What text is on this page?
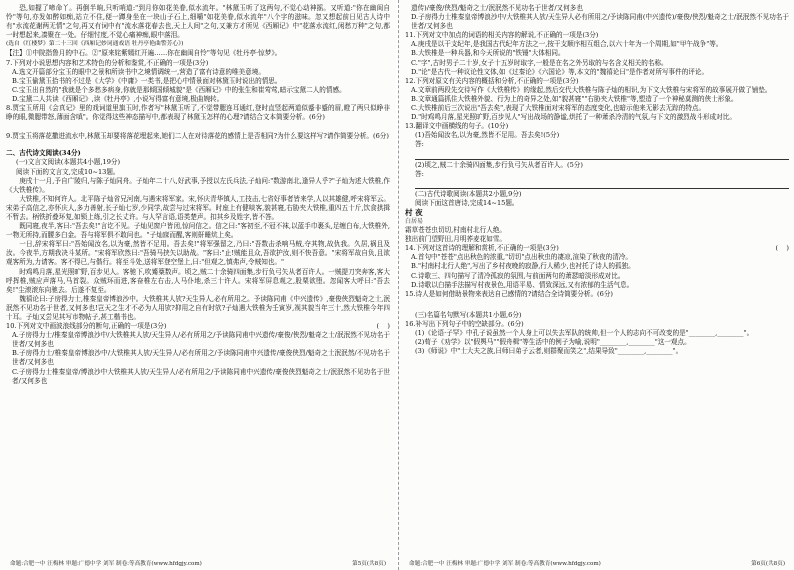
恐,如握了啼命丫。再倒半晌,只听哨道:"到月你如花美眷,似水流年。"林黛玉听了这两句,不觉心动神摇。又听道:"你在幽闺自怜"等句,亦发如醉如痴,站立不住,便一蹲身坐在一块山子石上,细嚼"如花美眷,似水流年"八个字的滋味。忽又想起前日见古人诗中有"水流花谢两无情"之句,再又有词中有"流水落花春去也,天上人间"之句,又兼方才所见《西厢记》中"花落水流红,闲愁万种"之句,都一时想起来,凑聚在一处。仔细忖度,不觉心痛神痴,眼中落泪。

(选自《红楼梦》第二十三回《西厢记妙词通戏语 牡丹亭艳曲警芳心》)

【注】①中院指鲁月的中石。②"原来姹紫嫣红开遍……你在幽闺自怜"等句见《牡丹亭·惊梦》。

7.下列对小说思想内容和艺术特色的分析和鉴赏,不正确的一项是(3分)

A.选文开篇部分宝玉的眼中之景和所读书中之境情调统一,营造了富有诗意的唯美意境。

B.宝玉偷黛玉拾书的不过是《大学》《中庸》一类书,是把心中情景面对林黛玉时说出的情思。

C.宝玉出自然的"我就是个多愁多病身,你就是那倾国倾城貌"是《西厢记》中的张生和崔莺莺,暗示宝黛二人的情感。

D.宝黛二人共读《西厢记》,读《牡丹亭》,小说写得富有意境,极曲婉转。

8.贾宝玉所用《会真记》里的戏词道里旗玉时,作者写"林黛玉听了,不觉带腮连耳通红,登时直竖起两道似蹙非蹙的眉,瞪了两只似睁非睁的眼,微腮带怒,薄面含嗔"。你觉得这些神态描写中,都表现了林黛玉怎样的心理?请结合文本简要分析。(6分)

9.贾宝玉将落花撒进流水中,林黛玉却要将落花埋起来,她们二人在对待落花的感情上是否相同?为什么要这样写?请作简要分析。(6分)

二、古代诗文阅读(34分)

(一)文言文阅读(本题共4小题,19分)

阅读下面的文言文,完成10~13题。

庚戌十一月,予自广陵归,与陈子灿同舟。子灿年二十八,好武事,予授以左氏兵法,子灿问:"数游南北,逢异人乎?"子灿为述大铁椎,作《大铁椎传》。

大铁椎,不知何许人。北平陈子灿省兄河南,与遇宋将军家。宋,怀庆青华镇人,工技击,七省好事者皆来学,人以其雄健,呼宋将军云。宋弟子高信之,亦怀庆人,多力善射,长子灿七岁,少同学,故尝与过宋将军。时座上有健啖客,貌甚寝,右胁夹大铁椎,重四五十斤,饮食拱揖不暂去。柄铁折叠环复,如锁上练,引之长丈许。与人罕言语,语类楚声。扣其乡及姓字,皆不答。

既同寝,夜半,客曰:"吾去矣!"言讫不见。子灿见窗户皆闭,惊问信之。信之曰:"客初至,不冠不袜,以蓝手巾裹头,足缠白布,大铁椎外,一物无所持,而腰多白金。吾与将军俱不敢问也。"子灿寐而醒,客则鼾睡炕上矣。

一日,辞宋将军曰:"吾始闻汝名,以为豪,然皆不足用。吾去矣!"将军强留之,乃曰:"吾数击杀响马贼,夺其物,故仇我。久居,祸且及汝。今夜半,方期我决斗某所。"宋将军欣然曰:"吾骑马挟矢以助战。"客曰:"止!贼能且众,吾欲护汝,则不快吾意。"宋将军故自负,且欲观客所为,力请客。客不得已,与偕行。将至斗处,送将军登空堡上,曰:"但观之,慎弗声,令贼知也。"

时鸡鸣月落,星光照旷野,百步见人。客驰下,吹觱篥数声。顷之,贼二十余骑四面集,步行负弓矢从者百许人。一贼提刀突奔客,客大呼挥椎,贼应声落马,马首裂。众贼环而进,客奋椎左右击,人马仆地,杀三十许人。宋将军屏息观之,股栗欲堕。忽闻客大呼曰:"吾去矣!"尘滚滚东向驰去。后遂不复至。

魏禧论曰:子房得力士,椎秦皇帝博浪沙中。大铁椎其人欤?天生异人,必有所用之。予读陈同甫《中兴遗传》,豪俊侠烈魁奇之士,泯泯然不见功名于世者,又何多也!岂天之生才不必为人用欤?抑用之自有时欤?子灿遇大铁椎为壬寅岁,视其貌当年三十,然大铁椎今年四十耳。子灿又尝见其写市物帖子,甚工楷书也。

10.下列对文中画波浪线部分的断句,正确的一项是(3分)	(    )

A.子房得力士/椎秦皇帝博浪沙中/大铁椎其人欤/天生异人/必有所用之/予读陈同甫中兴遗传/豪俊/侠烈/魁奇之士/泯泯然不见功名于世者/又何多也

B.子房得力士/椎秦皇帝博浪沙中/大铁椎其人欤/天生异人/必有所用之/予读陈同甫中兴遗传/豪俊侠烈/魁奇之士泯泯然/不见功名于世者/又何多也

C.子房得力士椎秦皇帝/博浪沙中大铁椎其人欤/天生异人/必有所用之/予读陈同甫中兴遗传/豪俊侠烈魁奇之士/泯泯然不见功名于世者/又何多也

命题:合肥一中 汪梅林 审题:广德中学 刘军 制卷:等高教育(www.hfdgjy.com)	第5页(共8页)

遗传)/豪俊/侠烈/魁奇之士/泯泯然不见功名于世者/又何多也

D.子房得力士椎秦皇帝博浪沙中/大铁椎其人欤/天生异人必有所用之/予读陈同甫(中兴遗传)/豪俊/侠烈/魁奇之士/泯泯然不见功名于世者/又何多也

11.下列对文中加点的词语的相关内容的解说,不正确的一项是(3分)

A.庚戌是以干支纪年,是我国古代纪年方法之一,按干支顺序相互组合,以六十年为一个周期,如"甲午战争"等。

B.大铁椎是一种兵器,和今天所说的"铁锤"大体相同。

C."字",古时男子二十岁,女子十五岁时取字,一般是在名之外另取的与名含义相关的名称。

D."论"是古代一种议论性文体,如《过秦论》《六国论》等,本文的"魏禧论曰"是作者对所写事件的评论。

12.下列对原文有关内容的概括和分析,不正确的一项是(3分)

A.文章前两段先交待写作《大铁椎传》的缘起,然后交代大铁椎与陈子灿的相识,为下文大铁椎与宋将军的故事展开做了铺垫。

B.文章通篇抓住大铁椎外貌、行为上的奇异之处,如"貌甚寝""右胁夹大铁椎"等,塑造了一个神秘莫测的侠士形象。

C.大铁椎前后三次说出"吾去矣",表现了大铁椎面对宋将军的态度变化,也暗示他来无影去无踪的特点。

D."时鸡鸣月落,星光照旷野,百步见人"写出战场的静谧,烘托了一种萧杀冷清的气氛,与下文的激烈战斗形成对比。

13.翻译文中画横线的句子。(10分)

(1)吾始闻汝名,以为豪,然皆不足用。吾去矣!(5分)

答:

(2)顷之,贼二十余骑四面集,步行负弓矢从者百许人。(5分)

答:

(二)古代诗歌阅读(本题共2小题,9分)

阅读下面这首唐诗,完成14~15题。

村 夜

白居易

霜草苍苍虫切切,村南村北行人绝。

独出前门望野田,月明荞麦花如雪。

14.下列对这首诗的理解和赏析,不正确的一项是(3分)	(    )

A.首句中"苍苍"点出秋色的浓重,"切切"点出秋虫的凄凉,渲染了秋夜的清冷。

B."村南村北行人绝",写出了乡村夜晚的寂静,行人稀少,也衬托了诗人的孤独。

C.诗歌三、四句描写了清冷孤寂的氛围,与前面两句的萧瑟暗淡形成对比。

D.诗歌以白描手法描写村夜景色,用语平易、情致深远,又有浓郁的生活气息。

15.诗人是如何借助景物来表达自己感情的?请结合全诗简要分析。(6分)

(三)名篇名句默写(本题共1小题,6分)

16.补写出下列句子中的空缺部分。(6分)

(1)《论语·子罕》中孔子说虽然一个人身上可以失去军队的统帅,但一个人的志向不可改变的是"________,________"。

(2)荀子《劝学》以"假舆马""假舟楫"等生活中的例子为喻,说明"________,________"这一观点。

(3)《师说》中"士大夫之族,曰师曰弟子云者,则群聚而笑之",结果导致"________,________"。

命题:合肥一中 汪梅林 审题:广德中学 刘军 制卷:等高教育(www.hfdgjy.com)	第6页(共8页)
